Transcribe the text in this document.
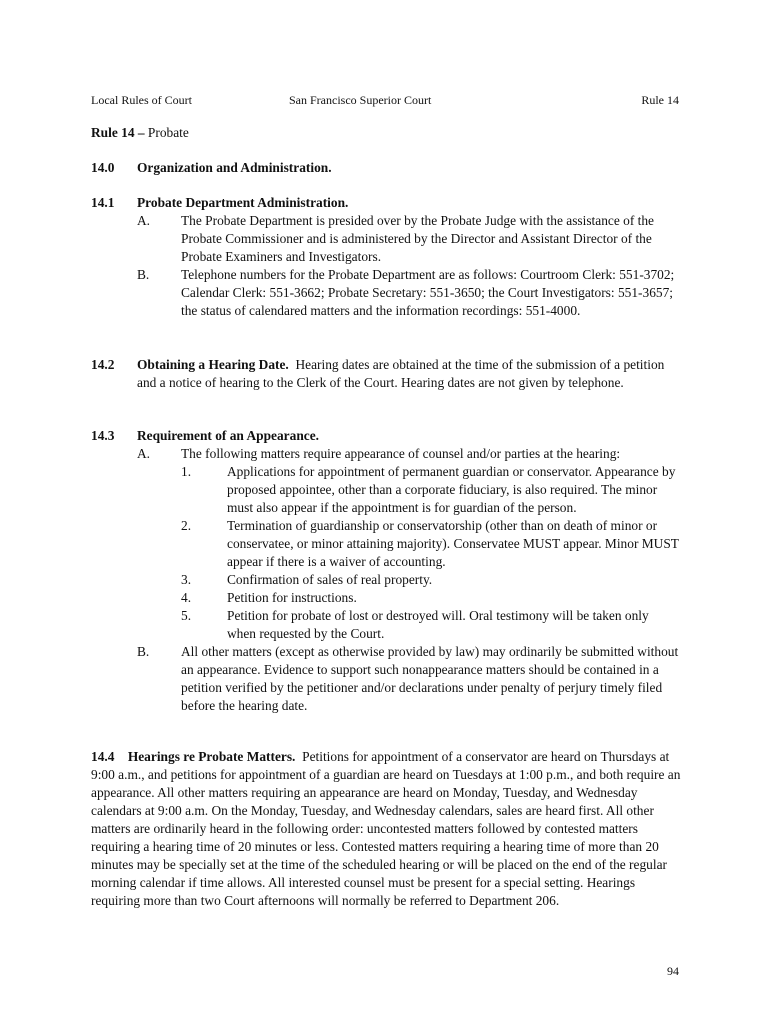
Local Rules of Court	San Francisco Superior Court	Rule 14
Rule 14 – Probate
14.0 Organization and Administration.
14.1 Probate Department Administration.
A. The Probate Department is presided over by the Probate Judge with the assistance of the Probate Commissioner and is administered by the Director and Assistant Director of the Probate Examiners and Investigators.
B. Telephone numbers for the Probate Department are as follows: Courtroom Clerk: 551-3702; Calendar Clerk: 551-3662; Probate Secretary: 551-3650; the Court Investigators: 551-3657; the status of calendared matters and the information recordings: 551-4000.
14.2 Obtaining a Hearing Date. Hearing dates are obtained at the time of the submission of a petition and a notice of hearing to the Clerk of the Court. Hearing dates are not given by telephone.
14.3 Requirement of an Appearance.
A. The following matters require appearance of counsel and/or parties at the hearing:
1.	Applications for appointment of permanent guardian or conservator. Appearance by proposed appointee, other than a corporate fiduciary, is also required. The minor must also appear if the appointment is for guardian of the person.
2.	Termination of guardianship or conservatorship (other than on death of minor or conservatee, or minor attaining majority). Conservatee MUST appear. Minor MUST appear if there is a waiver of accounting.
3.	Confirmation of sales of real property.
4.	Petition for instructions.
5.	Petition for probate of lost or destroyed will. Oral testimony will be taken only when requested by the Court.
B. All other matters (except as otherwise provided by law) may ordinarily be submitted without an appearance. Evidence to support such nonappearance matters should be contained in a petition verified by the petitioner and/or declarations under penalty of perjury timely filed before the hearing date.
14.4 Hearings re Probate Matters. Petitions for appointment of a conservator are heard on Thursdays at 9:00 a.m., and petitions for appointment of a guardian are heard on Tuesdays at 1:00 p.m., and both require an appearance. All other matters requiring an appearance are heard on Monday, Tuesday, and Wednesday calendars at 9:00 a.m. On the Monday, Tuesday, and Wednesday calendars, sales are heard first. All other matters are ordinarily heard in the following order: uncontested matters followed by contested matters requiring a hearing time of 20 minutes or less. Contested matters requiring a hearing time of more than 20 minutes may be specially set at the time of the scheduled hearing or will be placed on the end of the regular morning calendar if time allows. All interested counsel must be present for a special setting. Hearings requiring more than two Court afternoons will normally be referred to Department 206.
94
